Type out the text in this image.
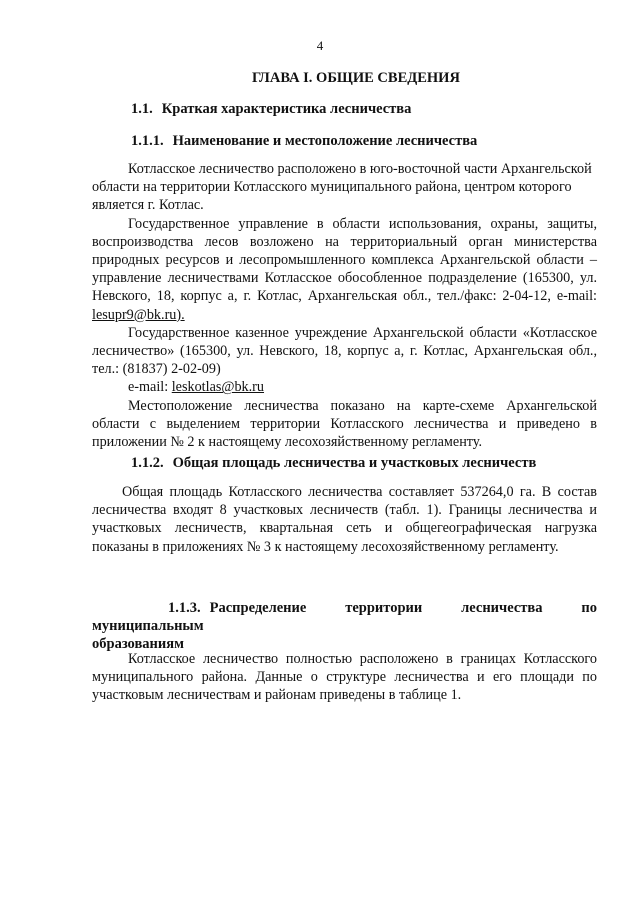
4
ГЛАВА I. ОБЩИЕ СВЕДЕНИЯ
1.1. Краткая характеристика лесничества
1.1.1. Наименование и местоположение лесничества

Котласское лесничество расположено в юго-восточной части Архангельской области на территории Котласского муниципального района, центром которого является г. Котлас.

Государственное управление в области использования, охраны, защиты, воспроизводства лесов возложено на территориальный орган министерства природных ресурсов и лесопромышленного комплекса Архангельской области – управление лесничествами Котласское обособленное подразделение (165300, ул. Невского, 18, корпус а, г. Котлас, Архангельская обл., тел./факс: 2-04-12, e-mail: lesupr9@bk.ru).

Государственное казенное учреждение Архангельской области «Котласское лесничество» (165300, ул. Невского, 18, корпус а, г. Котлас, Архангельская обл., тел.: (81837) 2-02-09)

e-mail: leskotlas@bk.ru

Местоположение лесничества показано на карте-схеме Архангельской области с выделением территории Котласского лесничества и приведено в приложении № 2 к настоящему лесохозяйственному регламенту.

1.1.2. Общая площадь лесничества и участковых лесничеств

Общая площадь Котласского лесничества составляет 537264,0 га. В состав лесничества входят 8 участковых лесничеств (табл. 1). Границы лесничества и участковых лесничеств, квартальная сеть и общегеографическая нагрузка показаны в приложениях № 3 к настоящему лесохозяйственному регламенту.

1.1.3. Распределение территории лесничества по муниципальным
образованиям

Котласское лесничество полностью расположено в границах Котласского муниципального района. Данные о структуре лесничества и его площади по участковым лесничествам и районам приведены в таблице 1.
